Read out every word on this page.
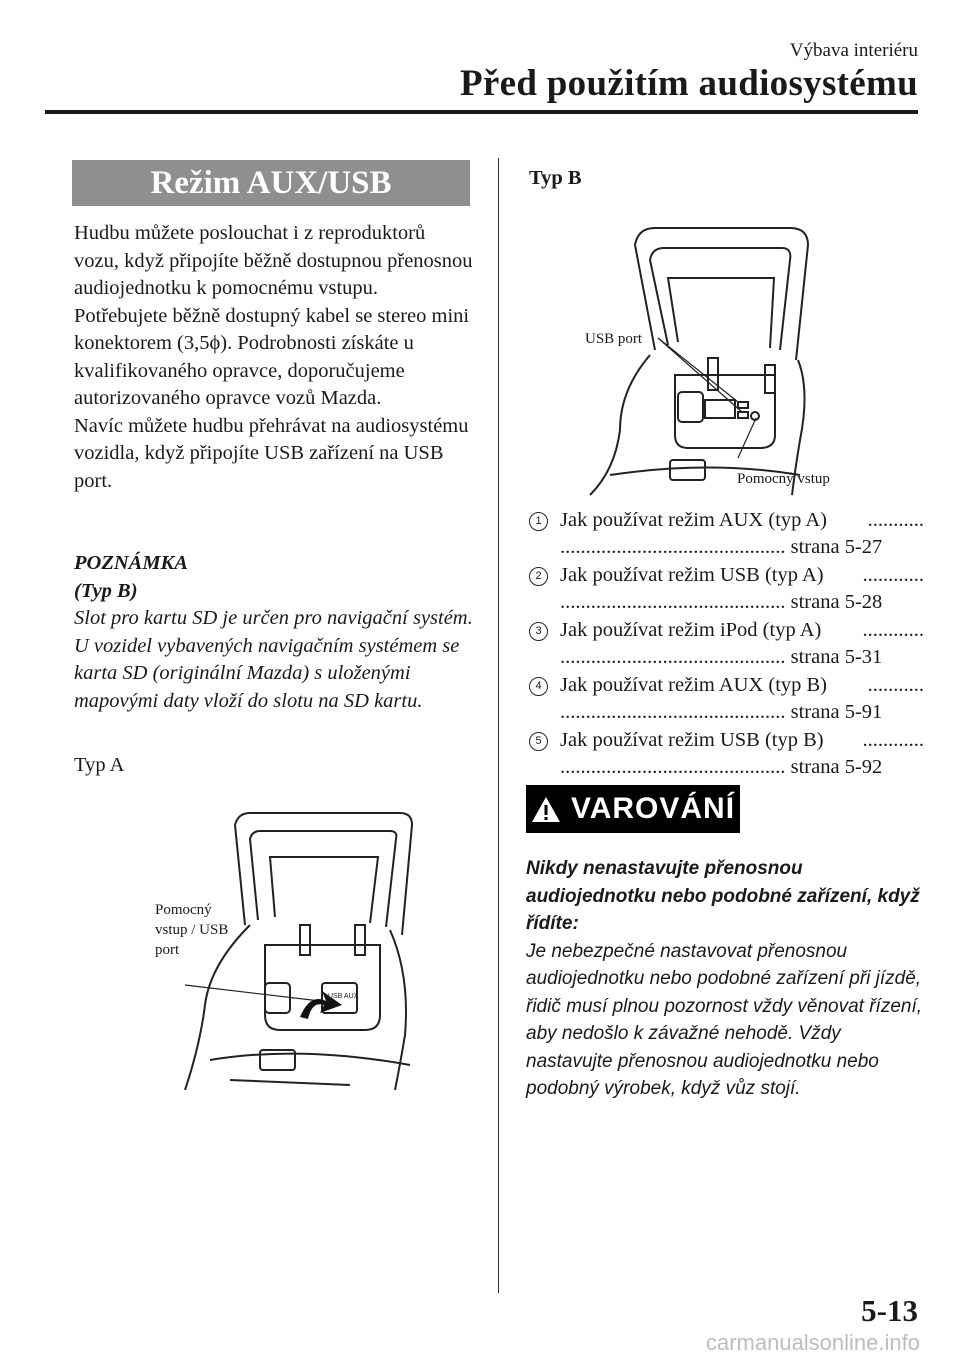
Výbava interiéru
Před použitím audiosystému
Režim AUX/USB

Hudbu můžete poslouchat i z reproduktorů vozu, když připojíte běžně dostupnou přenosnou audiojednotku k pomocnému vstupu.

Potřebujete běžně dostupný kabel se stereo mini konektorem (3,5ϕ). Podrobnosti získáte u kvalifikovaného opravce, doporučujeme autorizovaného opravce vozů Mazda.

Navíc můžete hudbu přehrávat na audiosystému vozidla, když připojíte USB zařízení na USB port.

POZNÁMKA

(Typ B)

Slot pro kartu SD je určen pro navigační systém. U vozidel vybavených navigačním systémem se karta SD (originální Mazda) s uloženými mapovými daty vloží do slotu na SD kartu.

Typ A
USB AUX
Pomocný
vstup / USB
port
Typ B
USB port
Pomocný vstup
1 Jak používat režim AUX (typ A) ...........
............................................ strana 5-27
2 Jak používat režim USB (typ A) ............
............................................ strana 5-28
3 Jak používat režim iPod (typ A) ............
............................................ strana 5-31
4 Jak používat režim AUX (typ B) ...........
............................................ strana 5-91
5 Jak používat režim USB (typ B) ............
............................................ strana 5-92
VAROVÁNÍ
Nikdy nenastavujte přenosnou audiojednotku nebo podobné zařízení, když řídíte:
Je nebezpečné nastavovat přenosnou audiojednotku nebo podobné zařízení při jízdě, řidič musí plnou pozornost vždy věnovat řízení, aby nedošlo k závažné nehodě. Vždy nastavujte přenosnou audiojednotku nebo podobný výrobek, když vůz stojí.
5-13
carmanualsonline.info
